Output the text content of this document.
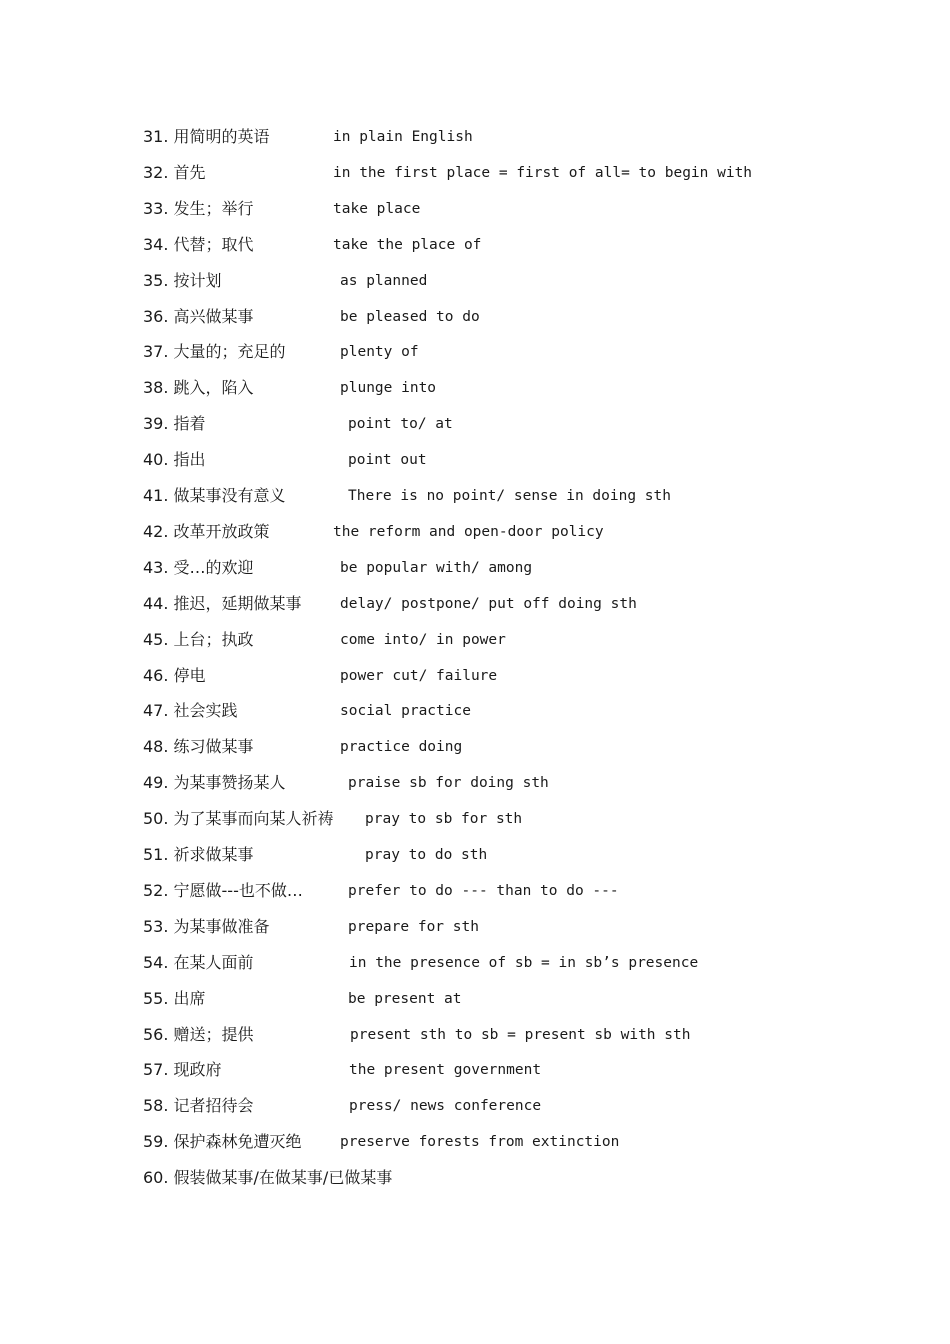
31. 用简明的英语	in plain English
32. 首先	in the first place = first of all= to begin with
33. 发生；举行	take place
34. 代替；取代	take the place of
35. 按计划	as planned
36. 高兴做某事	be pleased to do
37. 大量的；充足的	plenty of
38. 跳入，陷入	plunge into
39. 指着	point to/ at
40. 指出	point out
41. 做某事没有意义	There is no point/ sense in doing sth
42. 改革开放政策	the reform and open-door policy
43. 受…的欢迎	be popular with/ among
44. 推迟，延期做某事	delay/ postpone/ put off doing sth
45. 上台；执政	come into/ in power
46. 停电	power cut/ failure
47. 社会实践	social practice
48. 练习做某事	practice doing
49. 为某事赞扬某人	praise sb for doing sth
50. 为了某事而向某人祈祷 pray to sb for sth
51. 祈求做某事	pray to do sth
52. 宁愿做---也不做…	prefer to do --- than to do ---
53. 为某事做准备	prepare for sth
54. 在某人面前	in the presence of sb = in sb’s presence
55. 出席	be present at
56. 赠送；提供	present sth to sb = present sb with sth
57. 现政府	the present government
58. 记者招待会	press/ news conference
59. 保护森林免遭灭绝	preserve forests from extinction
60. 假装做某事/在做某事/已做某事
